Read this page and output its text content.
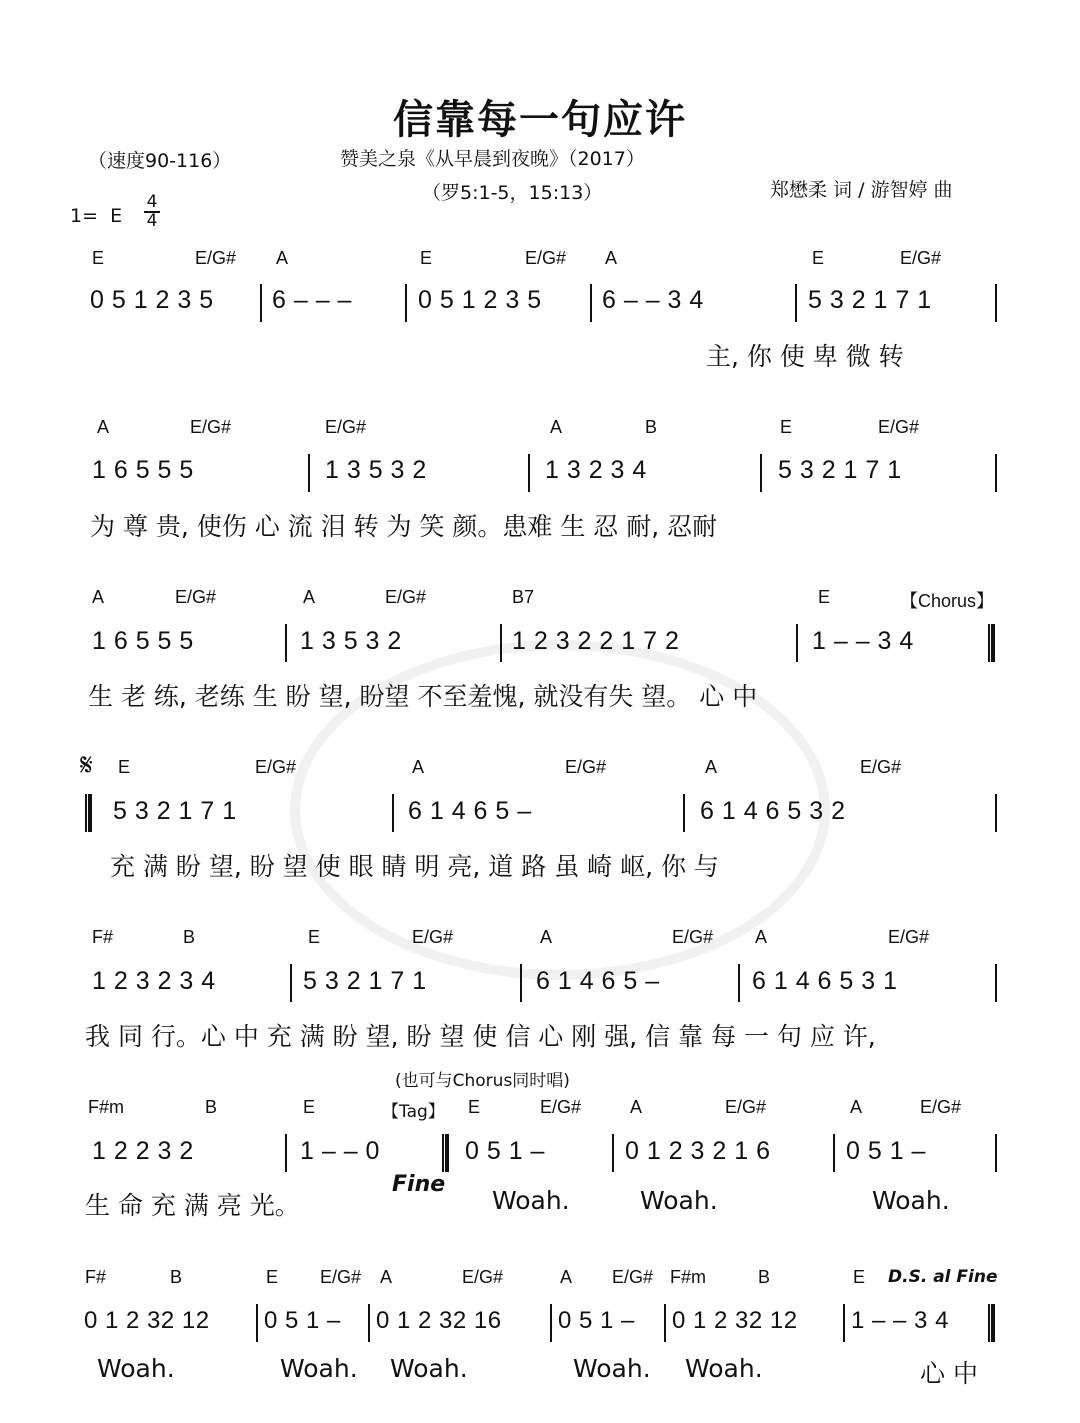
信靠每一句应许
（速度90-116）	赞美之泉《从早晨到夜晚》（2017）
（罗5:1-5，15:13）	郑懋柔 词 / 游智婷 曲
1= E
4
4
E	E/G# A	E	E/G# A	E	E/G#
0 5 1 2 3 5 6 – – –	0 5 1 2 3 5 6 – – 3 4	5 3 2 1 7 1
主, 你 使 卑 微 转
A	E/G#	E/G#	A	B	E	E/G#
1 6 5 5 5	1 3 5 3 2	1 3 2 3 4	5 3 2 1 7 1
为 尊 贵, 使伤 心 流 泪 转 为 笑 颜。患难 生 忍 耐, 忍耐
A	E/G#	A	E/G#	B7	E	【Chorus】
1 6 5 5 5	1 3 5 3 2	1 2 3 2 2 1 7 2	1 – – 3 4
生 老 练, 老练 生 盼 望, 盼望 不至羞愧, 就没有失 望。 心 中
𝄋 E	E/G#	A	E/G#	A	E/G#
5 3 2 1 7 1	6 1 4 6 5 –	6 1 4 6 5 3 2
充 满 盼 望, 盼 望 使 眼 睛 明 亮, 道 路 虽 崎 岖, 你 与
F#	B	E	E/G#	A	E/G# A	E/G#
1 2 3 2 3 4	5 3 2 1 7 1	6 1 4 6 5 –	6 1 4 6 5 3 1
我 同 行。心 中 充 满 盼 望, 盼 望 使 信 心 刚 强, 信 靠 每 一 句 应 许,
(也可与Chorus同时唱)
F#m	B	E	【Tag】 E	E/G#	A	E/G#	A	E/G#
1 2 2 3 2	1 – – 0	0 5 1 –	0 1 2 3 2 1 6	0 5 1 –
生 命 充 满 亮 光。
Fine
Woah.	Woah.	Woah.
F#	B	E E/G# A	E/G#	A E/G# F#m	B	E D.S. al Fine
0 1 2 32 12 0 5 1 – 0 1 2 32 16 0 5 1 – 0 1 2 32 12 1 – – 3 4
Woah.	Woah. Woah.	Woah. Woah.	心 中
